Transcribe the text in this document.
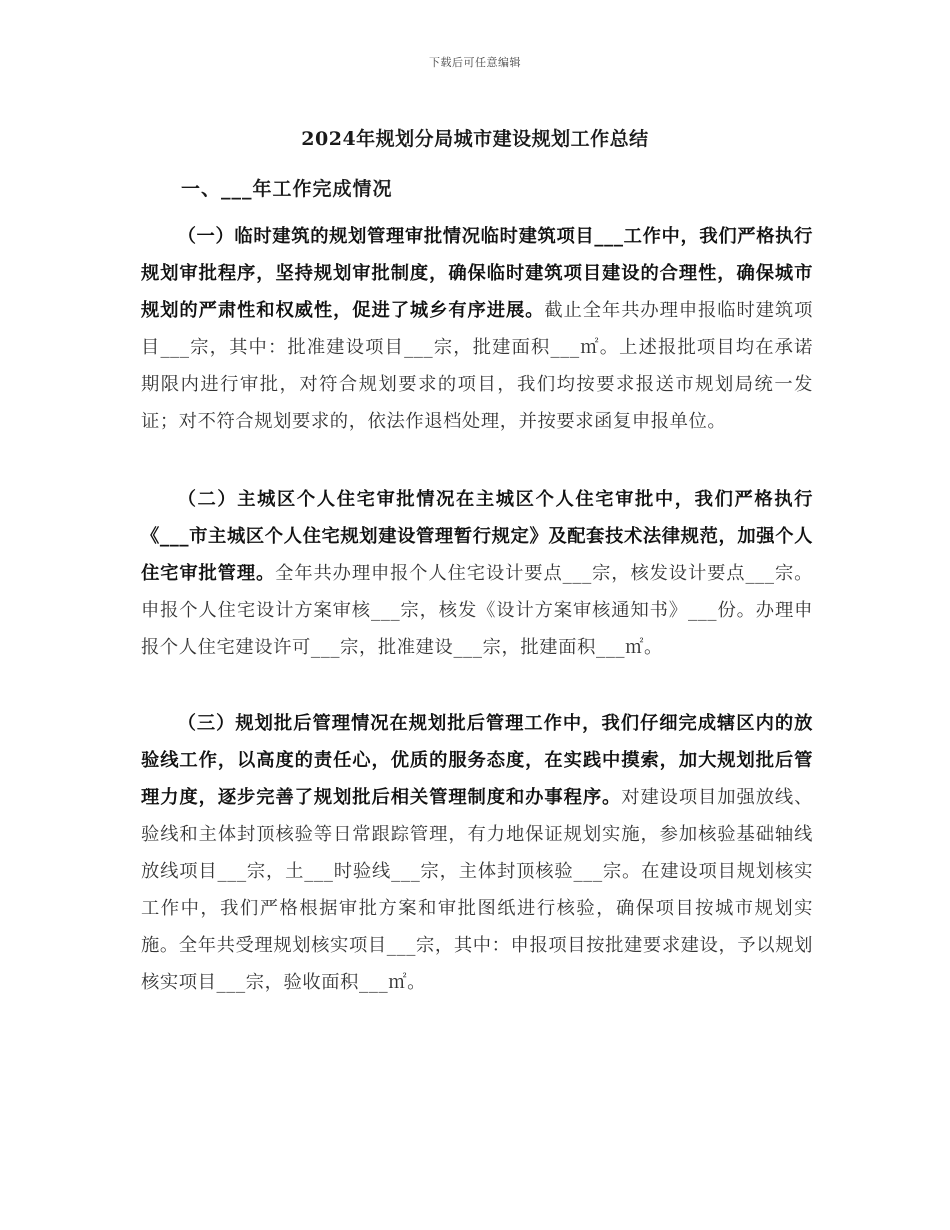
下载后可任意编辑
2024年规划分局城市建设规划工作总结
一、___年工作完成情况

（一）临时建筑的规划管理审批情况临时建筑项目___工作中，我们严格执行规划审批程序，坚持规划审批制度，确保临时建筑项目建设的合理性，确保城市规划的严肃性和权威性，促进了城乡有序进展。截止全年共办理申报临时建筑项目___宗，其中：批准建设项目___宗，批建面积___㎡。上述报批项目均在承诺期限内进行审批，对符合规划要求的项目，我们均按要求报送市规划局统一发证；对不符合规划要求的，依法作退档处理，并按要求函复申报单位。

（二）主城区个人住宅审批情况在主城区个人住宅审批中，我们严格执行《___市主城区个人住宅规划建设管理暂行规定》及配套技术法律规范，加强个人住宅审批管理。全年共办理申报个人住宅设计要点___宗，核发设计要点___宗。申报个人住宅设计方案审核___宗，核发《设计方案审核通知书》___份。办理申报个人住宅建设许可___宗，批准建设___宗，批建面积___㎡。

（三）规划批后管理情况在规划批后管理工作中，我们仔细完成辖区内的放验线工作，以高度的责任心，优质的服务态度，在实践中摸索，加大规划批后管理力度，逐步完善了规划批后相关管理制度和办事程序。对建设项目加强放线、验线和主体封顶核验等日常跟踪管理，有力地保证规划实施，参加核验基础轴线放线项目___宗，土___时验线___宗，主体封顶核验___宗。在建设项目规划核实工作中，我们严格根据审批方案和审批图纸进行核验，确保项目按城市规划实施。全年共受理规划核实项目___宗，其中：申报项目按批建要求建设，予以规划核实项目___宗，验收面积___㎡。
